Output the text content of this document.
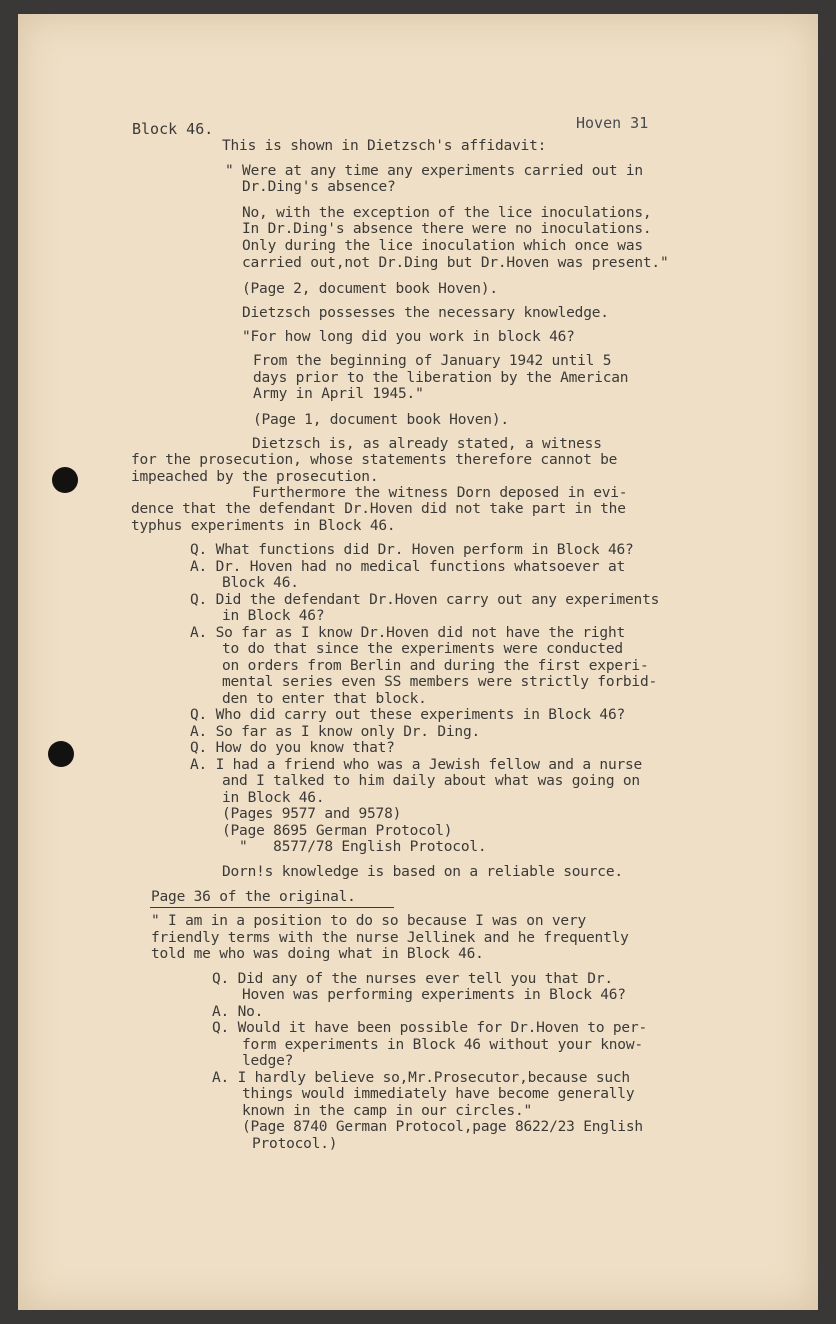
Block 46.	Hoven 31
This is shown in Dietzsch's affidavit:
" Were at any time any experiments carried out in
Dr.Ding's absence?
No, with the exception of the lice inoculations,
In Dr.Ding's absence there were no inoculations.
Only during the lice inoculation which once was
carried out,not Dr.Ding but Dr.Hoven was present."
(Page 2, document book Hoven).
Dietzsch possesses the necessary knowledge.
"For how long did you work in block 46?
From the beginning of January 1942 until 5
days prior to the liberation by the American
Army in April 1945."
(Page 1, document book Hoven).
Dietzsch is, as already stated, a witness
for the prosecution, whose statements therefore cannot be
impeached by the prosecution.
Furthermore the witness Dorn deposed in evi-
dence that the defendant Dr.Hoven did not take part in the
typhus experiments in Block 46.
Q. What functions did Dr. Hoven perform in Block 46?
A. Dr. Hoven had no medical functions whatsoever at
Block 46.
Q. Did the defendant Dr.Hoven carry out any experiments
in Block 46?
A. So far as I know Dr.Hoven did not have the right
to do that since the experiments were conducted
on orders from Berlin and during the first experi-
mental series even SS members were strictly forbid-
den to enter that block.
Q. Who did carry out these experiments in Block 46?
A. So far as I know only Dr. Ding.
Q. How do you know that?
A. I had a friend who was a Jewish fellow and a nurse
and I talked to him daily about what was going on
in Block 46.
(Pages 9577 and 9578)
(Page 8695 German Protocol)
"   8577/78 English Protocol.
Dorn!s knowledge is based on a reliable source.
Page 36 of the original.
" I am in a position to do so because I was on very
friendly terms with the nurse Jellinek and he frequently
told me who was doing what in Block 46.
Q. Did any of the nurses ever tell you that Dr.
Hoven was performing experiments in Block 46?
A. No.
Q. Would it have been possible for Dr.Hoven to per-
form experiments in Block 46 without your know-
ledge?
A. I hardly believe so,Mr.Prosecutor,because such
things would immediately have become generally
known in the camp in our circles."
(Page 8740 German Protocol,page 8622/23 English
Protocol.)
